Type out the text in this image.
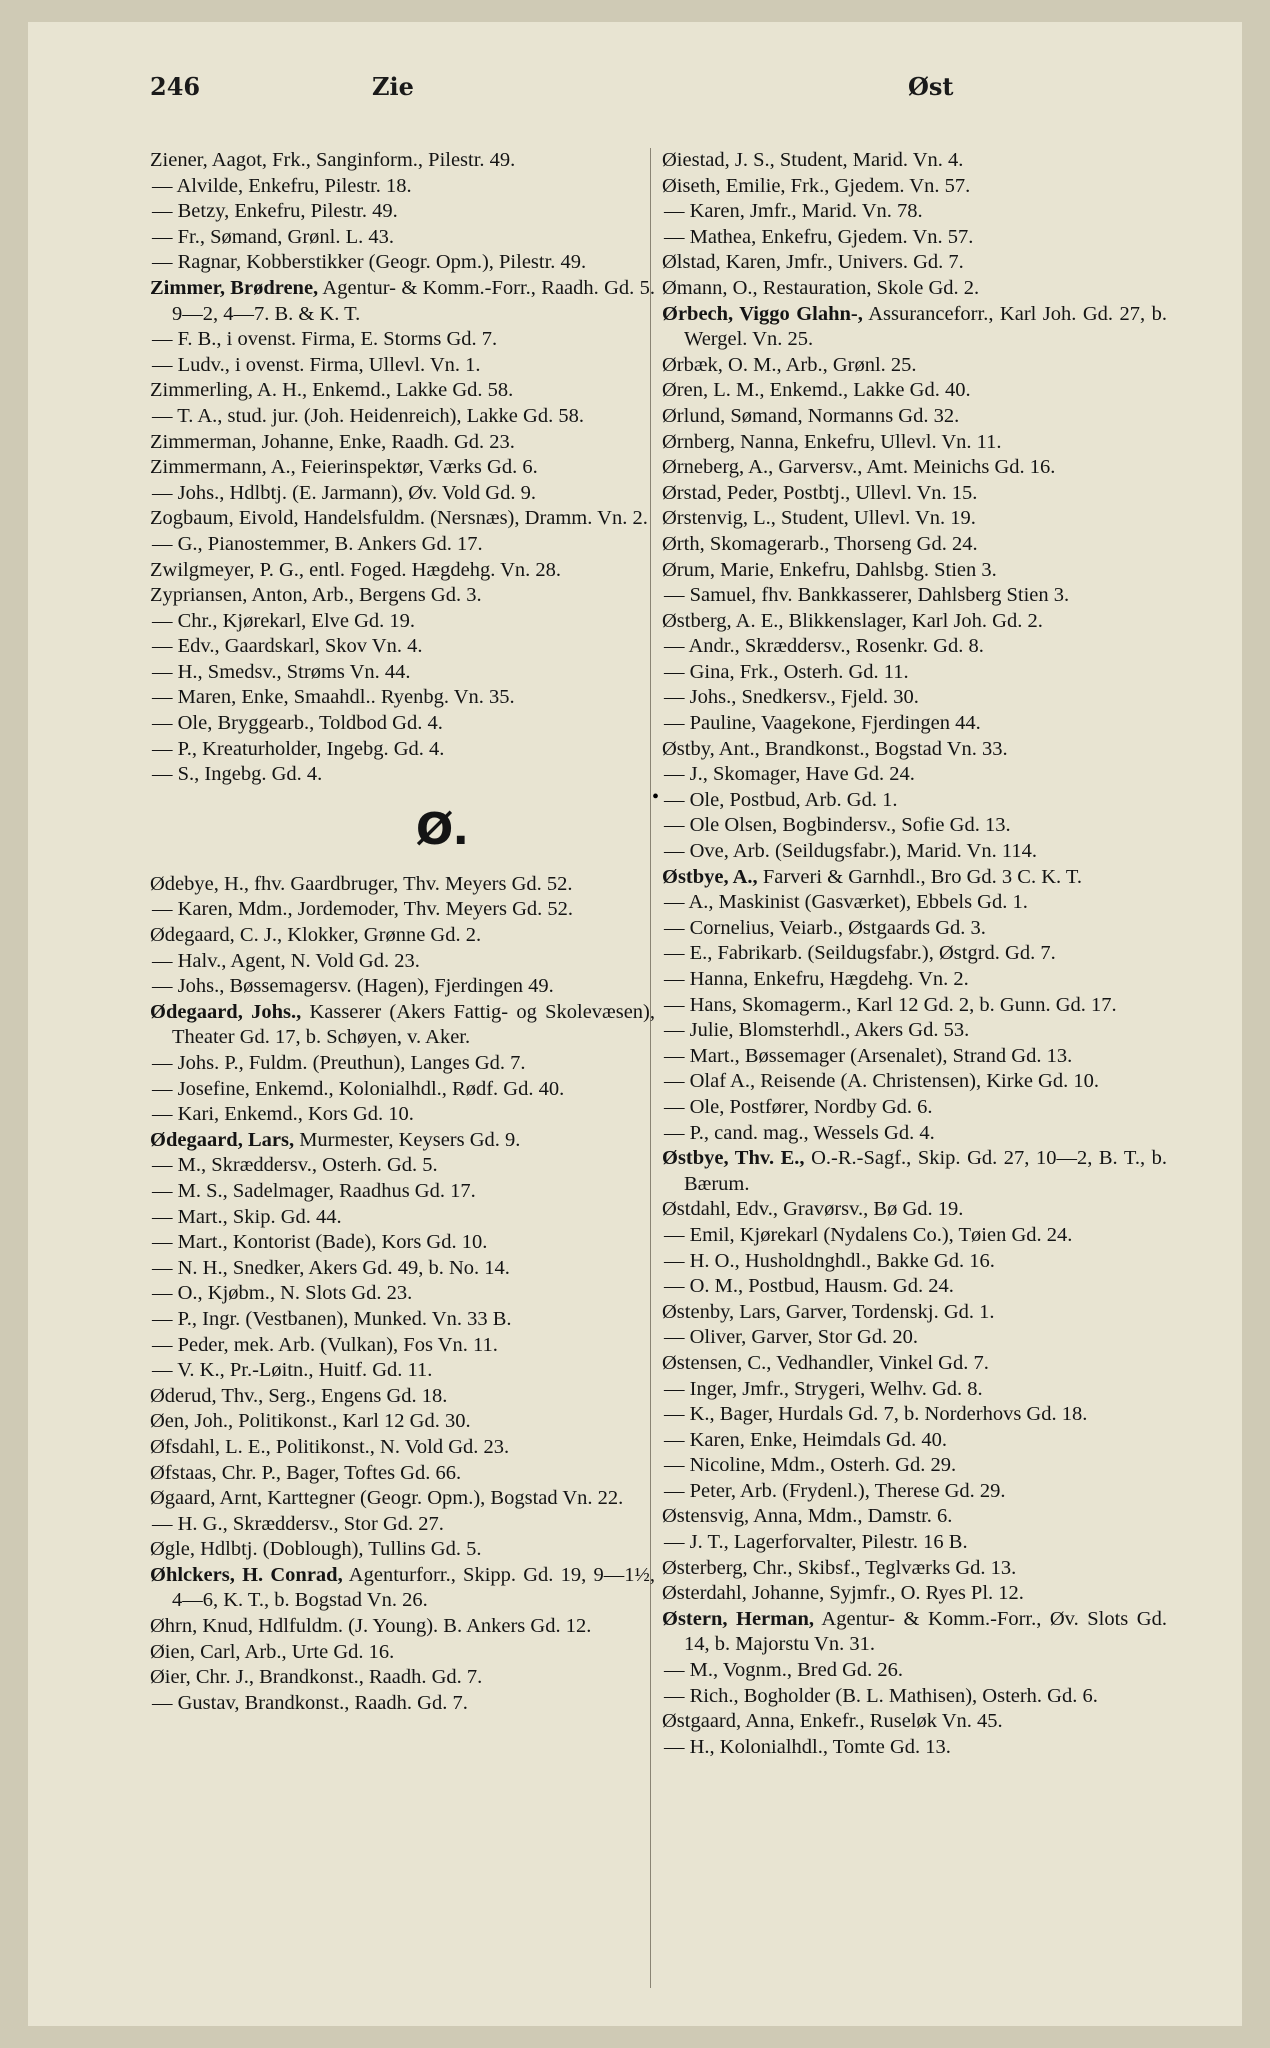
246	Zie	Øst
•

Ziener, Aagot, Frk., Sanginform., Pilestr. 49.

— Alvilde, Enkefru, Pilestr. 18.

— Betzy, Enkefru, Pilestr. 49.

— Fr., Sømand, Grønl. L. 43.

— Ragnar, Kobberstikker (Geogr. Opm.), Pilestr. 49.

Zimmer, Brødrene, Agentur- & Komm.-Forr., Raadh. Gd. 5. 9—2, 4—7. B. & K. T.

— F. B., i ovenst. Firma, E. Storms Gd. 7.

— Ludv., i ovenst. Firma, Ullevl. Vn. 1.

Zimmerling, A. H., Enkemd., Lakke Gd. 58.

— T. A., stud. jur. (Joh. Heidenreich), Lakke Gd. 58.

Zimmerman, Johanne, Enke, Raadh. Gd. 23.

Zimmermann, A., Feierinspektør, Værks Gd. 6.

— Johs., Hdlbtj. (E. Jarmann), Øv. Vold Gd. 9.

Zogbaum, Eivold, Handelsfuldm. (Nersnæs), Dramm. Vn. 2.

— G., Pianostemmer, B. Ankers Gd. 17.

Zwilgmeyer, P. G., entl. Foged. Hægdehg. Vn. 28.

Zypriansen, Anton, Arb., Bergens Gd. 3.

— Chr., Kjørekarl, Elve Gd. 19.

— Edv., Gaardskarl, Skov Vn. 4.

— H., Smedsv., Strøms Vn. 44.

— Maren, Enke, Smaahdl.. Ryenbg. Vn. 35.

— Ole, Bryggearb., Toldbod Gd. 4.

— P., Kreaturholder, Ingebg. Gd. 4.

— S., Ingebg. Gd. 4.

Ø.

Ødebye, H., fhv. Gaardbruger, Thv. Meyers Gd. 52.

— Karen, Mdm., Jordemoder, Thv. Meyers Gd. 52.

Ødegaard, C. J., Klokker, Grønne Gd. 2.

— Halv., Agent, N. Vold Gd. 23.

— Johs., Bøssemagersv. (Hagen), Fjerdingen 49.

Ødegaard, Johs., Kasserer (Akers Fattig- og Skolevæsen), Theater Gd. 17, b. Schøyen, v. Aker.

— Johs. P., Fuldm. (Preuthun), Langes Gd. 7.

— Josefine, Enkemd., Kolonialhdl., Rødf. Gd. 40.

— Kari, Enkemd., Kors Gd. 10.

Ødegaard, Lars, Murmester, Keysers Gd. 9.

— M., Skræddersv., Osterh. Gd. 5.

— M. S., Sadelmager, Raadhus Gd. 17.

— Mart., Skip. Gd. 44.

— Mart., Kontorist (Bade), Kors Gd. 10.

— N. H., Snedker, Akers Gd. 49, b. No. 14.

— O., Kjøbm., N. Slots Gd. 23.

— P., Ingr. (Vestbanen), Munked. Vn. 33 B.

— Peder, mek. Arb. (Vulkan), Fos Vn. 11.

— V. K., Pr.-Løitn., Huitf. Gd. 11.

Øderud, Thv., Serg., Engens Gd. 18.

Øen, Joh., Politikonst., Karl 12 Gd. 30.

Øfsdahl, L. E., Politikonst., N. Vold Gd. 23.

Øfstaas, Chr. P., Bager, Toftes Gd. 66.

Øgaard, Arnt, Karttegner (Geogr. Opm.), Bogstad Vn. 22.

— H. G., Skræddersv., Stor Gd. 27.

Øgle, Hdlbtj. (Doblough), Tullins Gd. 5.

Øhlckers, H. Conrad, Agenturforr., Skipp. Gd. 19, 9—1½, 4—6, K. T., b. Bogstad Vn. 26.

Øhrn, Knud, Hdlfuldm. (J. Young). B. Ankers Gd. 12.

Øien, Carl, Arb., Urte Gd. 16.

Øier, Chr. J., Brandkonst., Raadh. Gd. 7.

— Gustav, Brandkonst., Raadh. Gd. 7.

Øiestad, J. S., Student, Marid. Vn. 4.

Øiseth, Emilie, Frk., Gjedem. Vn. 57.

— Karen, Jmfr., Marid. Vn. 78.

— Mathea, Enkefru, Gjedem. Vn. 57.

Ølstad, Karen, Jmfr., Univers. Gd. 7.

Ømann, O., Restauration, Skole Gd. 2.

Ørbech, Viggo Glahn-, Assuranceforr., Karl Joh. Gd. 27, b. Wergel. Vn. 25.

Ørbæk, O. M., Arb., Grønl. 25.

Øren, L. M., Enkemd., Lakke Gd. 40.

Ørlund, Sømand, Normanns Gd. 32.

Ørnberg, Nanna, Enkefru, Ullevl. Vn. 11.

Ørneberg, A., Garversv., Amt. Meinichs Gd. 16.

Ørstad, Peder, Postbtj., Ullevl. Vn. 15.

Ørstenvig, L., Student, Ullevl. Vn. 19.

Ørth, Skomagerarb., Thorseng Gd. 24.

Ørum, Marie, Enkefru, Dahlsbg. Stien 3.

— Samuel, fhv. Bankkasserer, Dahlsberg Stien 3.

Østberg, A. E., Blikkenslager, Karl Joh. Gd. 2.

— Andr., Skræddersv., Rosenkr. Gd. 8.

— Gina, Frk., Osterh. Gd. 11.

— Johs., Snedkersv., Fjeld. 30.

— Pauline, Vaagekone, Fjerdingen 44.

Østby, Ant., Brandkonst., Bogstad Vn. 33.

— J., Skomager, Have Gd. 24.

— Ole, Postbud, Arb. Gd. 1.

— Ole Olsen, Bogbindersv., Sofie Gd. 13.

— Ove, Arb. (Seildugsfabr.), Marid. Vn. 114.

Østbye, A., Farveri & Garnhdl., Bro Gd. 3 C. K. T.

— A., Maskinist (Gasværket), Ebbels Gd. 1.

— Cornelius, Veiarb., Østgaards Gd. 3.

— E., Fabrikarb. (Seildugsfabr.), Østgrd. Gd. 7.

— Hanna, Enkefru, Hægdehg. Vn. 2.

— Hans, Skomagerm., Karl 12 Gd. 2, b. Gunn. Gd. 17.

— Julie, Blomsterhdl., Akers Gd. 53.

— Mart., Bøssemager (Arsenalet), Strand Gd. 13.

— Olaf A., Reisende (A. Christensen), Kirke Gd. 10.

— Ole, Postfører, Nordby Gd. 6.

— P., cand. mag., Wessels Gd. 4.

Østbye, Thv. E., O.-R.-Sagf., Skip. Gd. 27, 10—2, B. T., b. Bærum.

Østdahl, Edv., Gravørsv., Bø Gd. 19.

— Emil, Kjørekarl (Nydalens Co.), Tøien Gd. 24.

— H. O., Husholdnghdl., Bakke Gd. 16.

— O. M., Postbud, Hausm. Gd. 24.

Østenby, Lars, Garver, Tordenskj. Gd. 1.

— Oliver, Garver, Stor Gd. 20.

Østensen, C., Vedhandler, Vinkel Gd. 7.

— Inger, Jmfr., Strygeri, Welhv. Gd. 8.

— K., Bager, Hurdals Gd. 7, b. Norderhovs Gd. 18.

— Karen, Enke, Heimdals Gd. 40.

— Nicoline, Mdm., Osterh. Gd. 29.

— Peter, Arb. (Frydenl.), Therese Gd. 29.

Østensvig, Anna, Mdm., Damstr. 6.

— J. T., Lagerforvalter, Pilestr. 16 B.

Østerberg, Chr., Skibsf., Teglværks Gd. 13.

Østerdahl, Johanne, Syjmfr., O. Ryes Pl. 12.

Østern, Herman, Agentur- & Komm.-Forr., Øv. Slots Gd. 14, b. Majorstu Vn. 31.

— M., Vognm., Bred Gd. 26.

— Rich., Bogholder (B. L. Mathisen), Osterh. Gd. 6.

Østgaard, Anna, Enkefr., Ruseløk Vn. 45.

— H., Kolonialhdl., Tomte Gd. 13.
